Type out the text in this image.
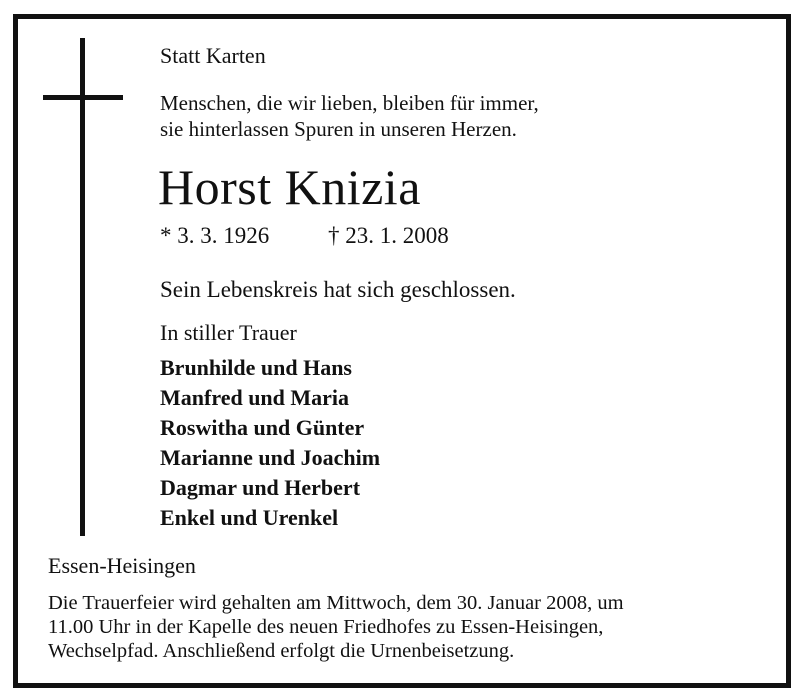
Statt Karten
Menschen, die wir lieben, bleiben für immer,
sie hinterlassen Spuren in unseren Herzen.
Horst Knizia
* 3. 3. 1926	† 23. 1. 2008
Sein Lebenskreis hat sich geschlossen.
In stiller Trauer
Brunhilde und Hans
Manfred und Maria
Roswitha und Günter
Marianne und Joachim
Dagmar und Herbert
Enkel und Urenkel
Essen-Heisingen
Die Trauerfeier wird gehalten am Mittwoch, dem 30. Januar 2008, um
11.00 Uhr in der Kapelle des neuen Friedhofes zu Essen-Heisingen,
Wechselpfad. Anschließend erfolgt die Urnenbeisetzung.
